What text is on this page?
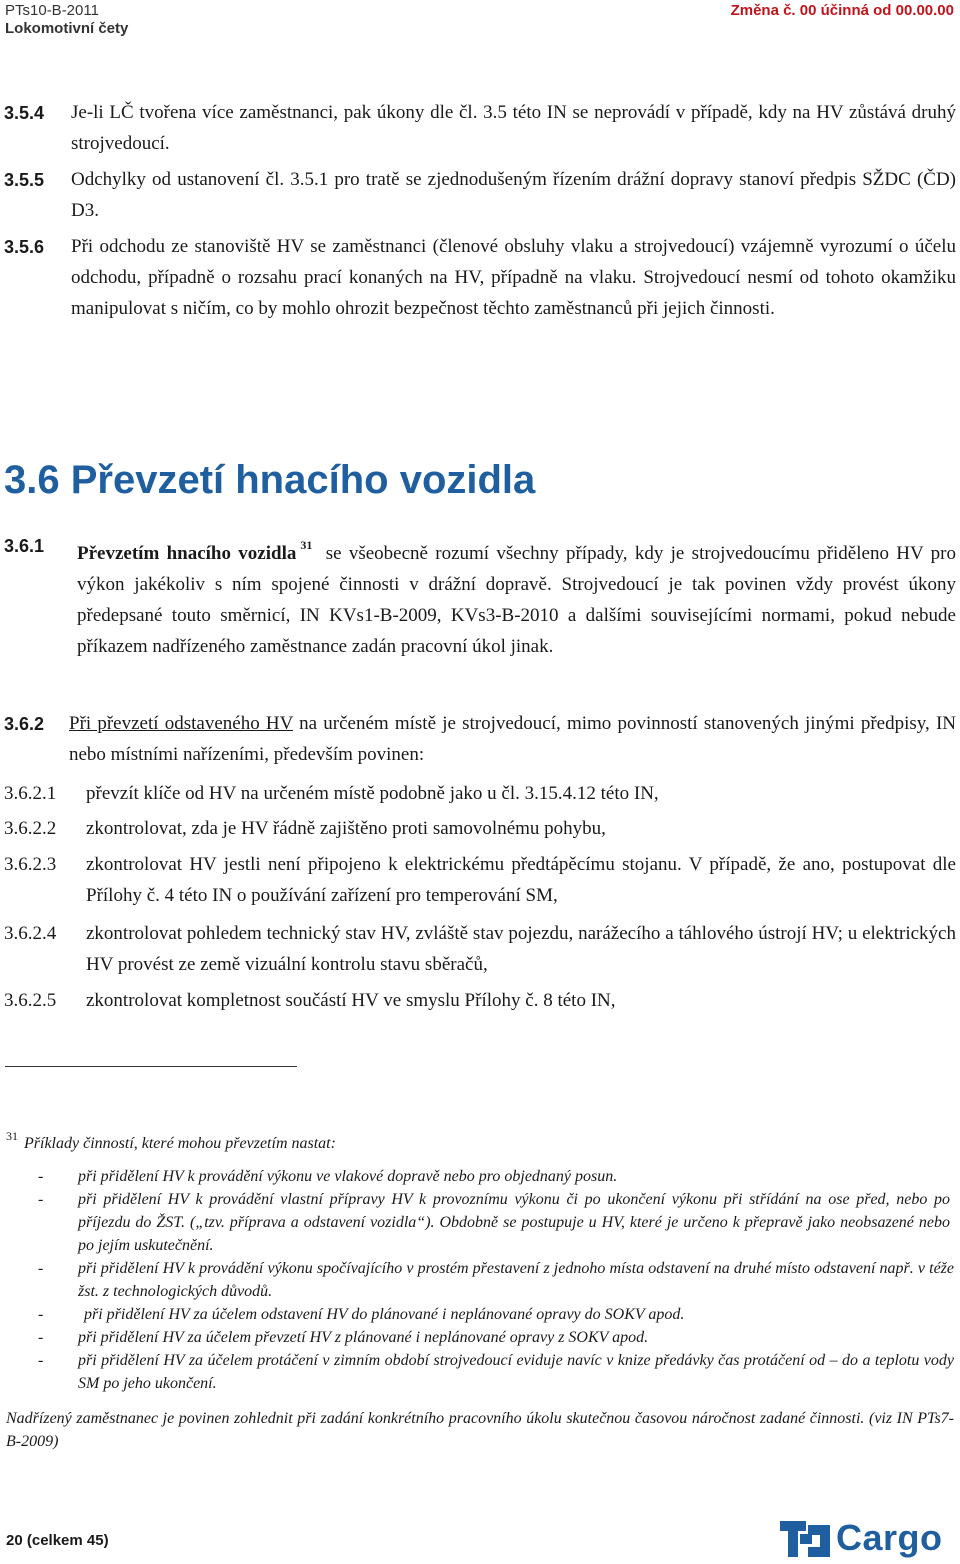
PTs10-B-2011
Lokomotivní čety
Změna č. 00 účinná od 00.00.00
3.5.4 Je-li LČ tvořena více zaměstnanci, pak úkony dle čl. 3.5 této IN se neprovádí v případě, kdy na HV zůstává druhý strojvedoucí.
3.5.5 Odchylky od ustanovení čl. 3.5.1 pro tratě se zjednodušeným řízením drážní dopravy stanoví předpis SŽDC (ČD) D3.
3.5.6 Při odchodu ze stanoviště HV se zaměstnanci (členové obsluhy vlaku a strojvedoucí) vzájemně vyrozumí o účelu odchodu, případně o rozsahu prací konaných na HV, případně na vlaku. Strojvedoucí nesmí od tohoto okamžiku manipulovat s ničím, co by mohlo ohrozit bezpečnost těchto zaměstnanců při jejich činnosti.
3.6 Převzetí hnacího vozidla
3.6.1 Převzetím hnacího vozidla $^{31}$ se všeobecně rozumí všechny případy, kdy je strojvedoucímu přiděleno HV pro výkon jakékoliv s ním spojené činnosti v drážní dopravě. Strojvedoucí je tak povinen vždy provést úkony předepsané touto směrnicí, IN KVs1-B-2009, KVs3-B-2010 a dalšími souvisejícími normami, pokud nebude příkazem nadřízeného zaměstnance zadán pracovní úkol jinak.
3.6.2 Při převzetí odstaveného HV na určeném místě je strojvedoucí, mimo povinností stanovených jinými předpisy, IN nebo místními nařízeními, především povinen:
3.6.2.1 převzít klíče od HV na určeném místě podobně jako u čl. 3.15.4.12 této IN,
3.6.2.2 zkontrolovat, zda je HV řádně zajištěno proti samovolnému pohybu,
3.6.2.3 zkontrolovat HV jestli není připojeno k elektrickému předtápěcímu stojanu. V případě, že ano, postupovat dle Přílohy č. 4 této IN o používání zařízení pro temperování SM,
3.6.2.4 zkontrolovat pohledem technický stav HV, zvláště stav pojezdu, narážecího a táhlového ústrojí HV; u elektrických HV provést ze země vizuální kontrolu stavu sběračů,
3.6.2.5 zkontrolovat kompletnost součástí HV ve smyslu Přílohy č. 8 této IN,
$^{31}$ Příklady činností, které mohou převzetím nastat:
- při přidělení HV k provádění výkonu ve vlakové dopravě nebo pro objednaný posun.
- při přidělení HV k provádění vlastní přípravy HV k provoznímu výkonu či po ukončení výkonu při střídání na ose před, nebo po příjezdu do ŽST. („tzv. příprava a odstavení vozidla“). Obdobně se postupuje u HV, které je určeno k přepravě jako neobsazené nebo po jejím uskutečnění.
- při přidělení HV k provádění výkonu spočívajícího v prostém přestavení z jednoho místa odstavení na druhé místo odstavení např. v téže žst. z technologických důvodů.
-	při přidělení HV za účelem odstavení HV do plánované i neplánované opravy do SOKV apod.
- při přidělení HV za účelem převzetí HV z plánované i neplánované opravy z SOKV apod.
- při přidělení HV za účelem protáčení v zimním období strojvedoucí eviduje navíc v knize předávky čas protáčení od – do a teplotu vody SM po jeho ukončení.
Nadřízený zaměstnanec je povinen zohlednit při zadání konkrétního pracovního úkolu skutečnou časovou náročnost zadané činnosti. (viz IN PTs7-B-2009)
20 (celkem 45)	Cargo
